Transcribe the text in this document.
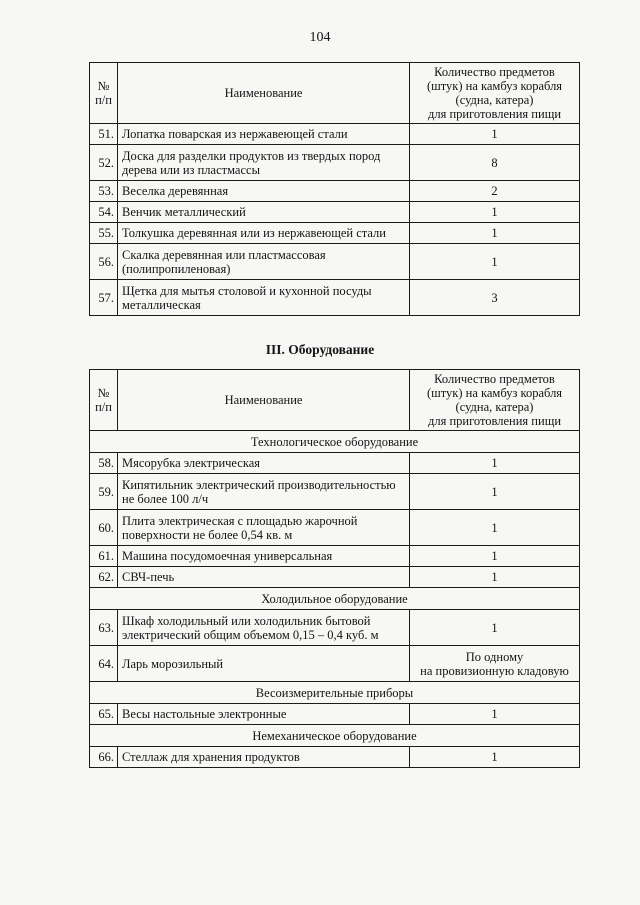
104
№
п/п	Наименование	Количество предметов
(штук) на камбуз корабля
(судна, катера)
для приготовления пищи

51.	Лопатка поварская из нержавеющей стали	1

52.	Доска для разделки продуктов из твердых пород
дерева или из пластмассы	8

53.	Веселка деревянная	2

54.	Венчик металлический	1

55.	Толкушка деревянная или из нержавеющей стали	1

56.	Скалка деревянная или пластмассовая
(полипропиленовая)	1

57.	Щетка для мытья столовой и кухонной посуды
металлическая	3
III. Оборудование
№
п/п	Наименование	Количество предметов
(штук) на камбуз корабля
(судна, катера)
для приготовления пищи

Технологическое оборудование		
58.	Мясорубка электрическая	1

59.	Кипятильник электрический производительностью
не более 100 л/ч	1

60.	Плита электрическая с площадью жарочной
поверхности не более 0,54 кв. м	1

61.	Машина посудомоечная универсальная	1

62.	СВЧ-печь	1

Холодильное оборудование		
63.	Шкаф холодильный или холодильник бытовой
электрический общим объемом 0,15 – 0,4 куб. м	1

64.	Ларь морозильный	По одному
на провизионную кладовую

Весоизмерительные приборы		
65.	Весы настольные электронные	1

Немеханическое оборудование		
66.	Стеллаж для хранения продуктов	1
